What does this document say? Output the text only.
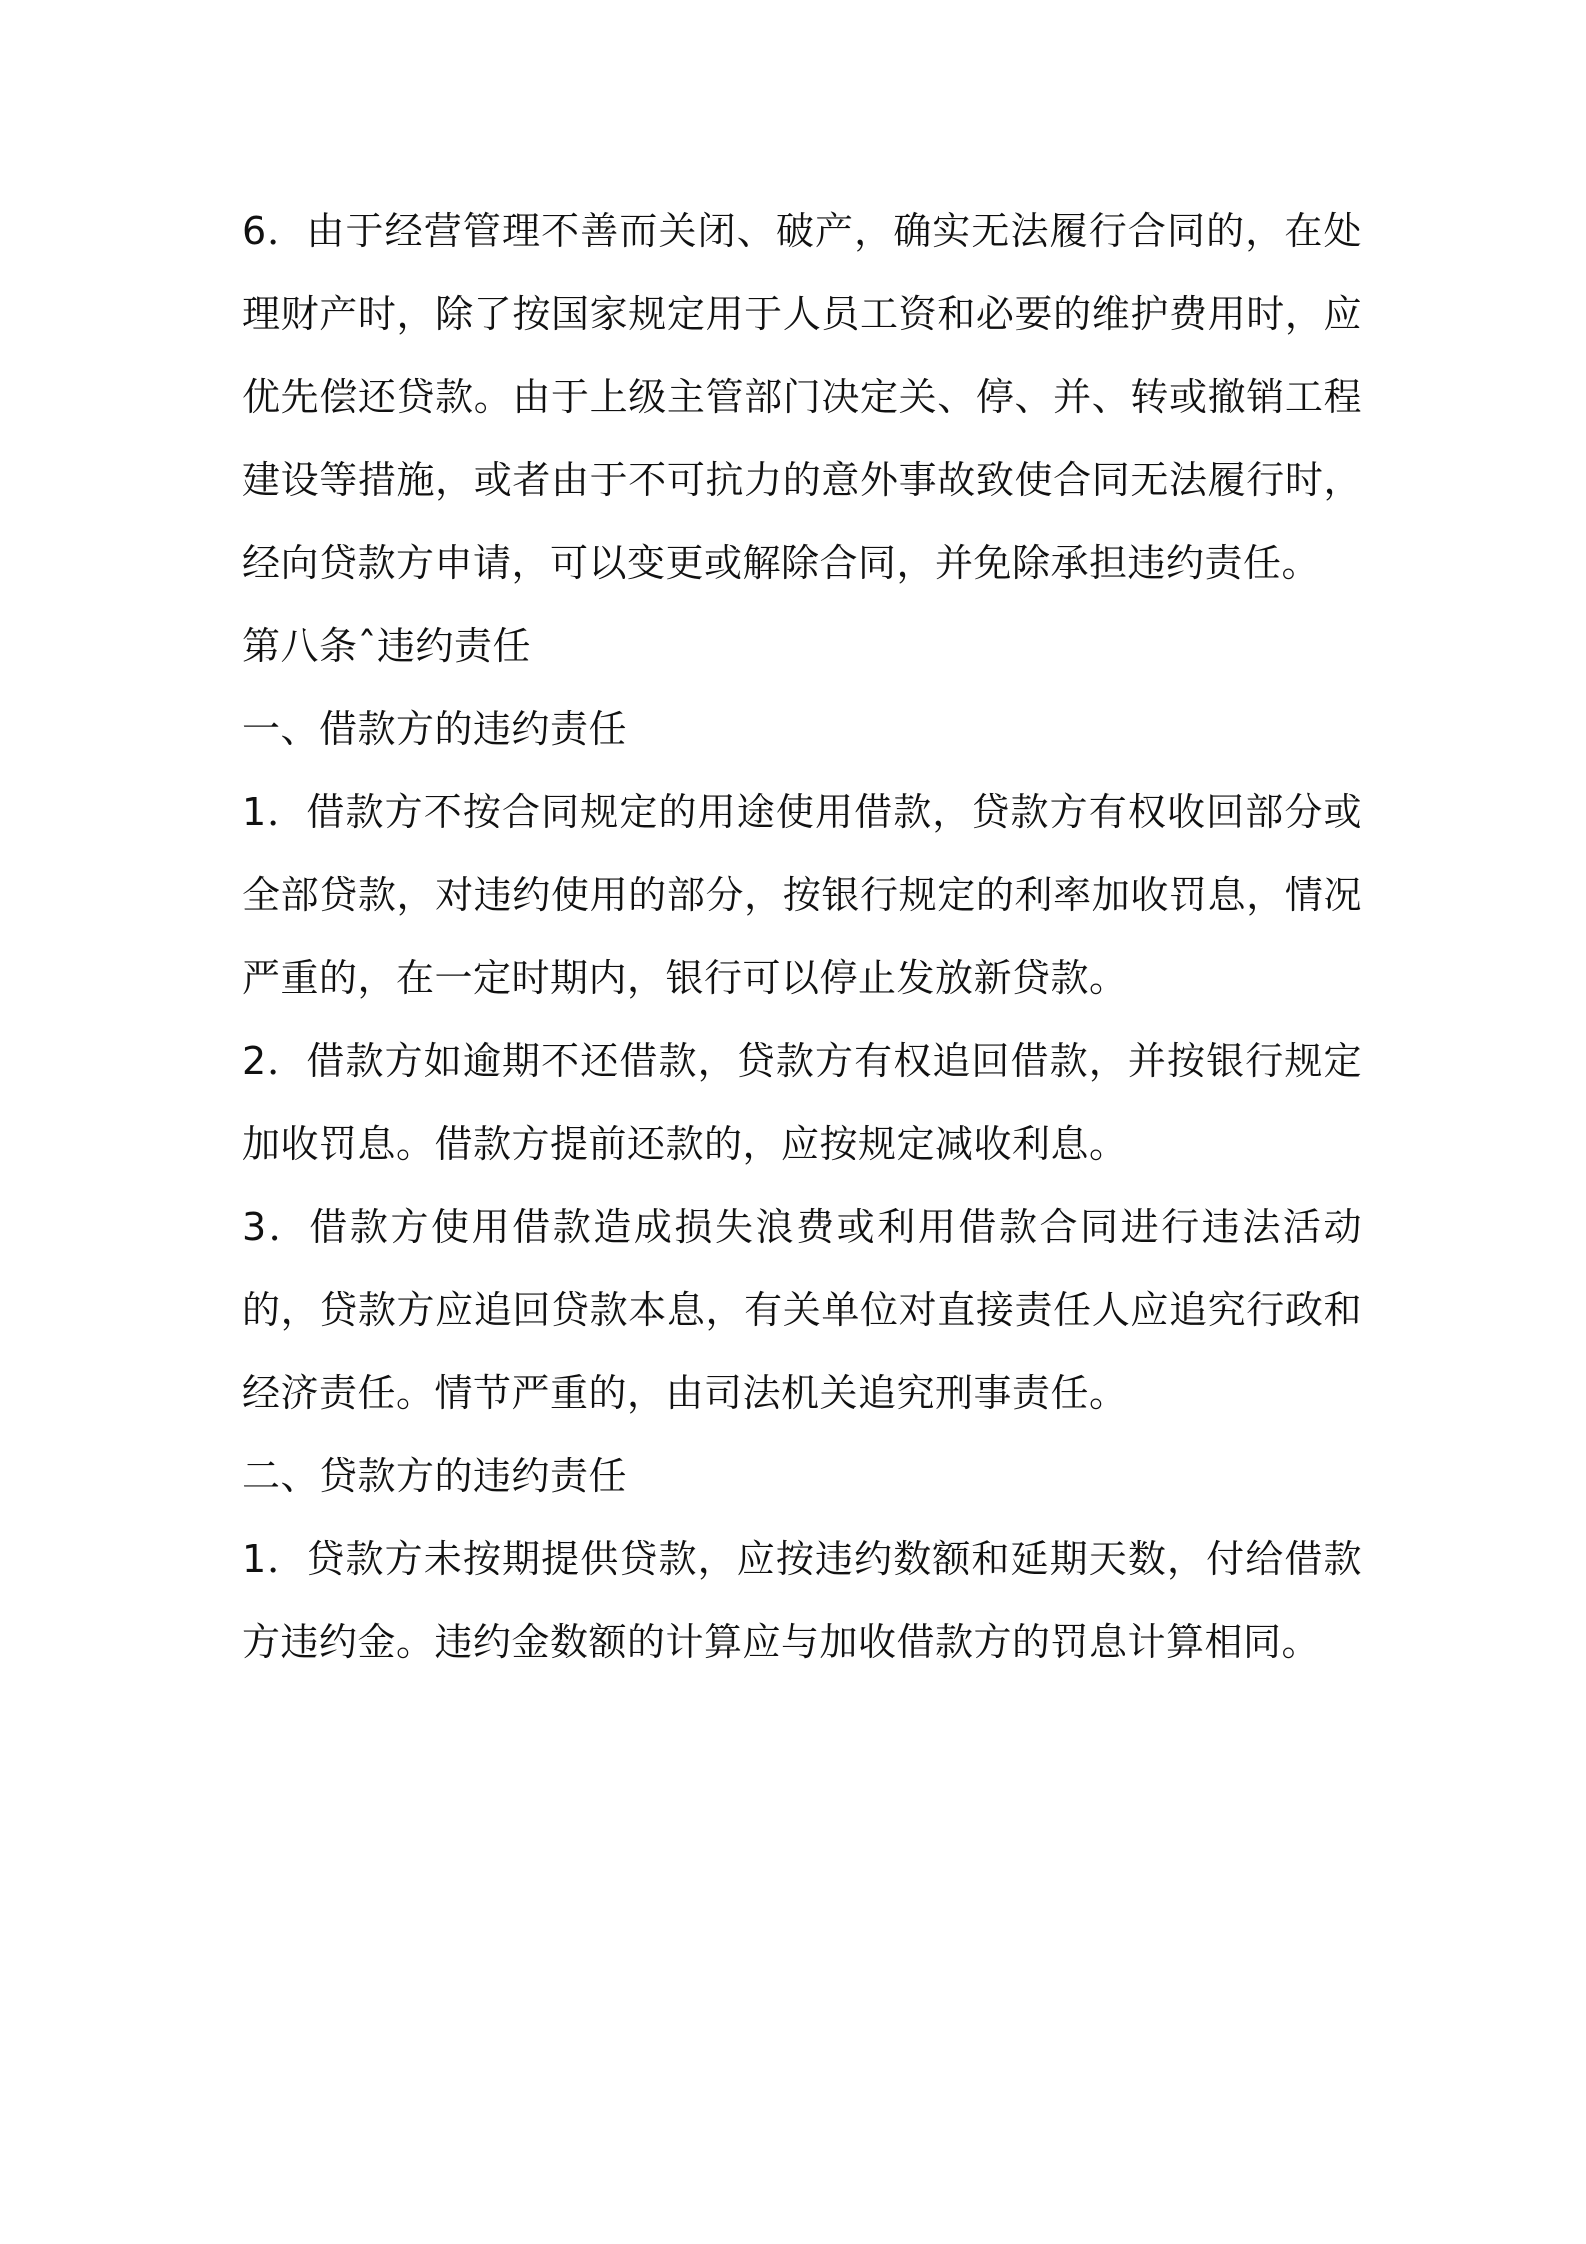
6．由于经营管理不善而关闭、破产，确实无法履行合同的，在处理财产时，除了按国家规定用于人员工资和必要的维护费用时，应优先偿还贷款。由于上级主管部门决定关、停、并、转或撤销工程建设等措施，或者由于不可抗力的意外事故致使合同无法履行时，经向贷款方申请，可以变更或解除合同，并免除承担违约责任。

第八条ˆ违约责任

一、借款方的违约责任

1．借款方不按合同规定的用途使用借款，贷款方有权收回部分或全部贷款，对违约使用的部分，按银行规定的利率加收罚息，情况严重的，在一定时期内，银行可以停止发放新贷款。

2．借款方如逾期不还借款，贷款方有权追回借款，并按银行规定加收罚息。借款方提前还款的，应按规定减收利息。

3．借款方使用借款造成损失浪费或利用借款合同进行违法活动的，贷款方应追回贷款本息，有关单位对直接责任人应追究行政和经济责任。情节严重的，由司法机关追究刑事责任。

二、贷款方的违约责任

1．贷款方未按期提供贷款，应按违约数额和延期天数，付给借款方违约金。违约金数额的计算应与加收借款方的罚息计算相同。
